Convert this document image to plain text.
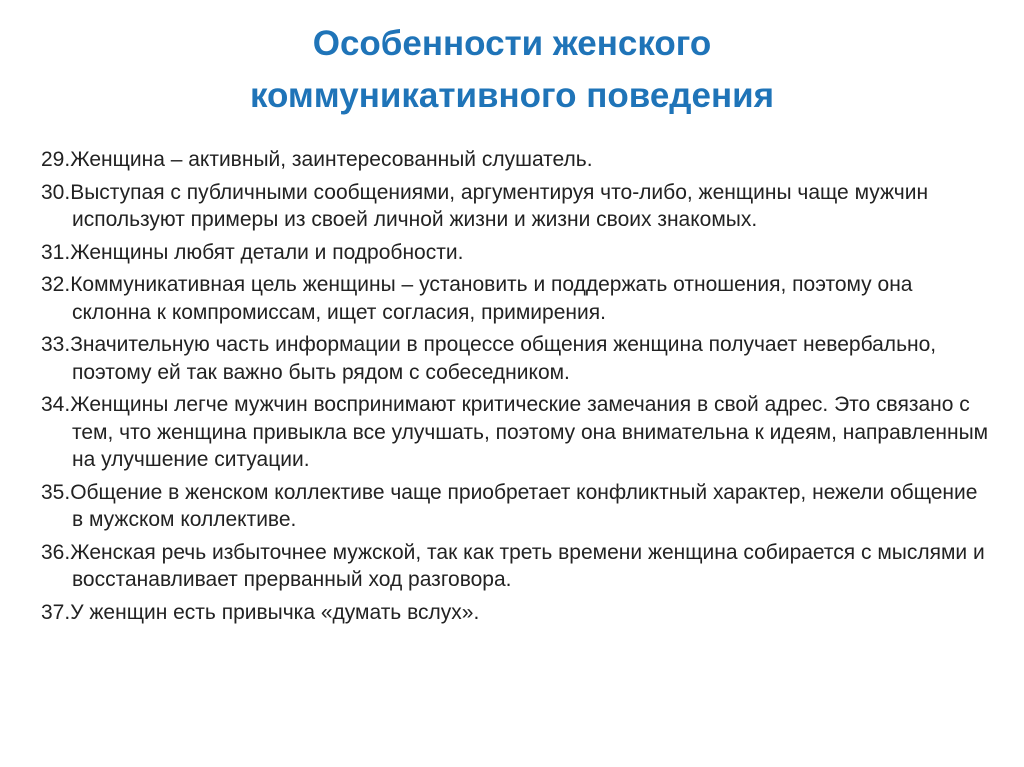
Особенности женского
коммуникативного поведения
29.Женщина – активный, заинтересованный слушатель.
30.Выступая с публичными сообщениями, аргументируя что-либо, женщины чаще мужчин используют примеры из своей личной жизни и жизни своих знакомых.
31.Женщины любят детали и подробности.
32.Коммуникативная цель женщины – установить и поддержать отношения, поэтому она склонна к компромиссам, ищет согласия, примирения.
33.Значительную часть информации в процессе общения женщина получает невербально, поэтому ей так важно быть рядом с собеседником.
34.Женщины легче мужчин воспринимают критические замечания в свой адрес. Это связано с тем, что женщина привыкла все улучшать, поэтому она внимательна к идеям, направленным на улучшение ситуации.
35.Общение в женском коллективе чаще приобретает конфликтный характер, нежели общение в мужском коллективе.
36.Женская речь избыточнее мужской, так как треть времени женщина собирается с мыслями и восстанавливает прерванный ход разговора.
37.У женщин есть привычка «думать вслух».
